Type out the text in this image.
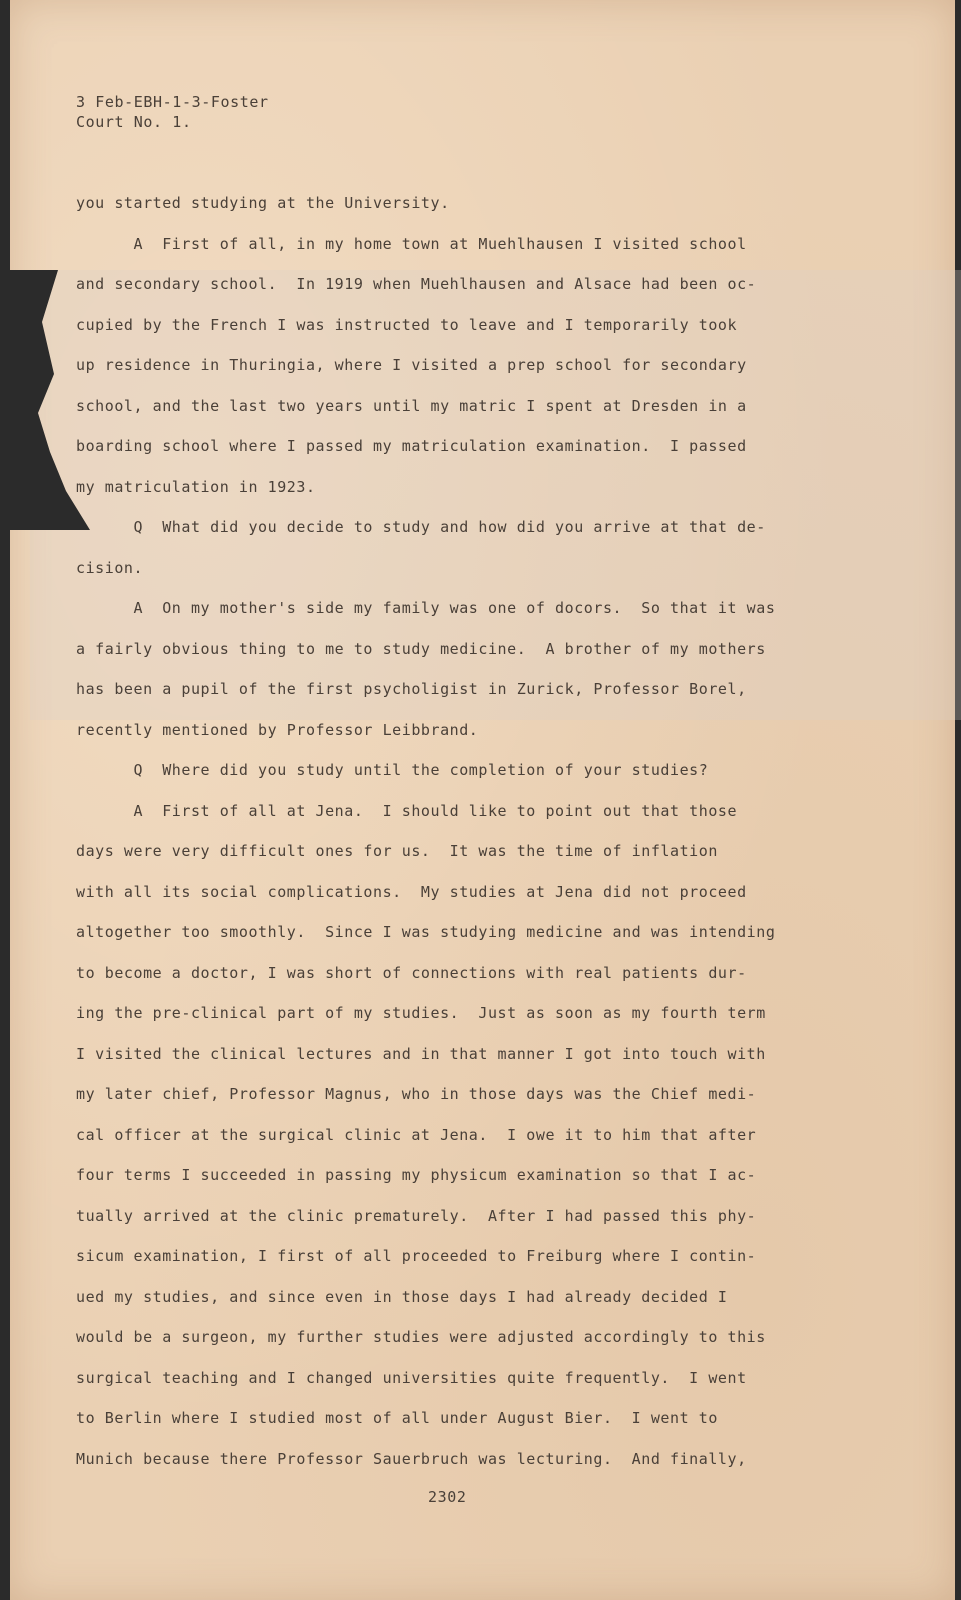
3 Feb-EBH-1-3-Foster
Court No. 1.
you started studying at the University.
A  First of all, in my home town at Muehlhausen I visited school
and secondary school.  In 1919 when Muehlhausen and Alsace had been oc-
cupied by the French I was instructed to leave and I temporarily took
up residence in Thuringia, where I visited a prep school for secondary
school, and the last two years until my matric I spent at Dresden in a
boarding school where I passed my matriculation examination.  I passed
my matriculation in 1923.
Q  What did you decide to study and how did you arrive at that de-
cision.
A  On my mother's side my family was one of docors.  So that it was
a fairly obvious thing to me to study medicine.  A brother of my mothers
has been a pupil of the first psycholigist in Zurick, Professor Borel,
recently mentioned by Professor Leibbrand.
Q  Where did you study until the completion of your studies?
A  First of all at Jena.  I should like to point out that those
days were very difficult ones for us.  It was the time of inflation
with all its social complications.  My studies at Jena did not proceed
altogether too smoothly.  Since I was studying medicine and was intending
to become a doctor, I was short of connections with real patients dur-
ing the pre-clinical part of my studies.  Just as soon as my fourth term
I visited the clinical lectures and in that manner I got into touch with
my later chief, Professor Magnus, who in those days was the Chief medi-
cal officer at the surgical clinic at Jena.  I owe it to him that after
four terms I succeeded in passing my physicum examination so that I ac-
tually arrived at the clinic prematurely.  After I had passed this phy-
sicum examination, I first of all proceeded to Freiburg where I contin-
ued my studies, and since even in those days I had already decided I
would be a surgeon, my further studies were adjusted accordingly to this
surgical teaching and I changed universities quite frequently.  I went
to Berlin where I studied most of all under August Bier.  I went to
Munich because there Professor Sauerbruch was lecturing.  And finally,
2302
